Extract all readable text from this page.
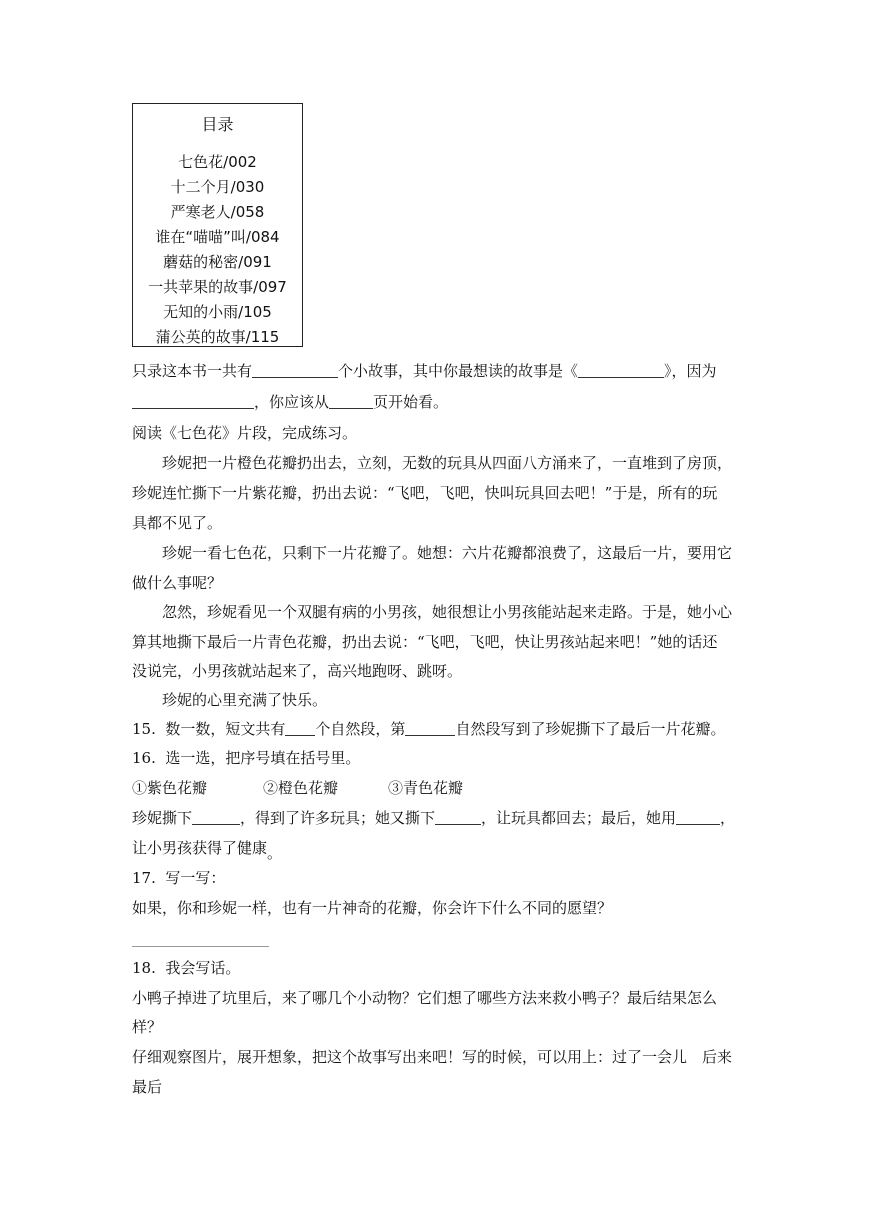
目录
七色花/002
十二个月/030
严寒老人/058
谁在“喵喵”叫/084
蘑菇的秘密/091
一共苹果的故事/097
无知的小雨/105
蒲公英的故事/115
只录这本书一共有	个小故事，其中你最想读的故事是《	》，因为
，你应该从	页开始看。
阅读《七色花》片段，完成练习。
珍妮把一片橙色花瓣扔出去，立刻，无数的玩具从四面八方涌来了，一直堆到了房顶，
珍妮连忙撕下一片紫花瓣，扔出去说：“飞吧，飞吧，快叫玩具回去吧！”于是，所有的玩
具都不见了。
珍妮一看七色花，只剩下一片花瓣了。她想：六片花瓣都浪费了，这最后一片，要用它
做什么事呢？
忽然，珍妮看见一个双腿有病的小男孩，她很想让小男孩能站起来走路。于是，她小心
算其地撕下最后一片青色花瓣，扔出去说：“飞吧，飞吧，快让男孩站起来吧！”她的话还
没说完，小男孩就站起来了，高兴地跑呀、跳呀。
珍妮的心里充满了快乐。
15. 数一数，短文共有 个自然段，第	自然段写到了珍妮撕下了最后一片花瓣。
16. 选一选，把序号填在括号里。
①紫色花瓣	②橙色花瓣	③青色花瓣
珍妮撕下	，得到了许多玩具；她又撕下	，让玩具都回去；最后，她用	，
让小男孩获得了健康。
17. 写一写：
如果，你和珍妮一样，也有一片神奇的花瓣，你会许下什么不同的愿望？
18. 我会写话。
小鸭子掉进了坑里后，来了哪几个小动物？它们想了哪些方法来救小鸭子？最后结果怎么
样？
仔细观察图片，展开想象，把这个故事写出来吧！写的时候，可以用上：过了一会儿　后来
最后
